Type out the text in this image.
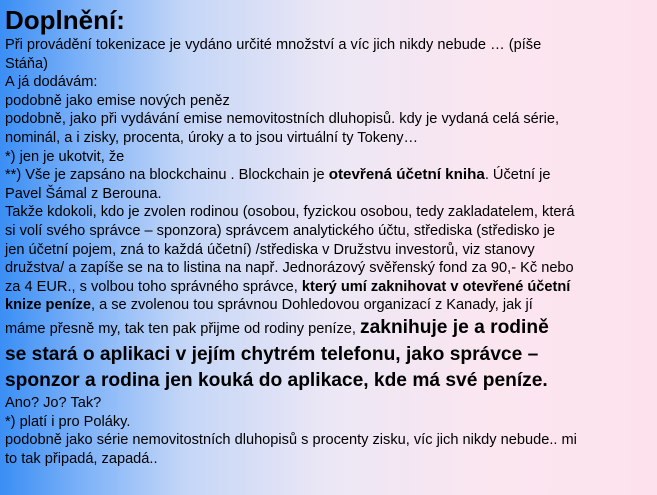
Doplnění:
Při provádění tokenizace je vydáno určité množství a víc jich nikdy nebude … (píše
Stáňa)
A já dodávám:
podobně jako emise nových peněz
podobně, jako při vydávání emise nemovitostních dluhopisů. kdy je vydaná celá série,
nominál, a i zisky, procenta, úroky a to jsou virtuální ty Tokeny…
*) jen je ukotvit, že
**) Vše je zapsáno na blockchainu . Blockchain je otevřená účetní kniha. Účetní je
Pavel Šámal z Berouna.
Takže kdokoli, kdo je zvolen rodinou (osobou, fyzickou osobou, tedy zakladatelem, která
si volí svého správce – sponzora) správcem analytického účtu, střediska (středisko je
jen účetní pojem, zná to každá účetní) /střediska v Družstvu investorů, viz stanovy
družstva/ a zapíše se na to listina na např. Jednorázový svěřenský fond za 90,- Kč nebo
za 4 EUR., s volbou toho správného správce, který umí zaknihovat v otevřené účetní
knize peníze, a se zvolenou tou správnou Dohledovou organizací z Kanady, jak jí
máme přesně my, tak ten pak přijme od rodiny peníze, zaknihuje je a rodině
se stará o aplikaci v jejím chytrém telefonu, jako správce –
sponzor a rodina jen kouká do aplikace, kde má své peníze.
Ano? Jo? Tak?
*) platí i pro Poláky.
podobně jako série nemovitostních dluhopisů s procenty zisku, víc jich nikdy nebude.. mi
to tak připadá, zapadá..
